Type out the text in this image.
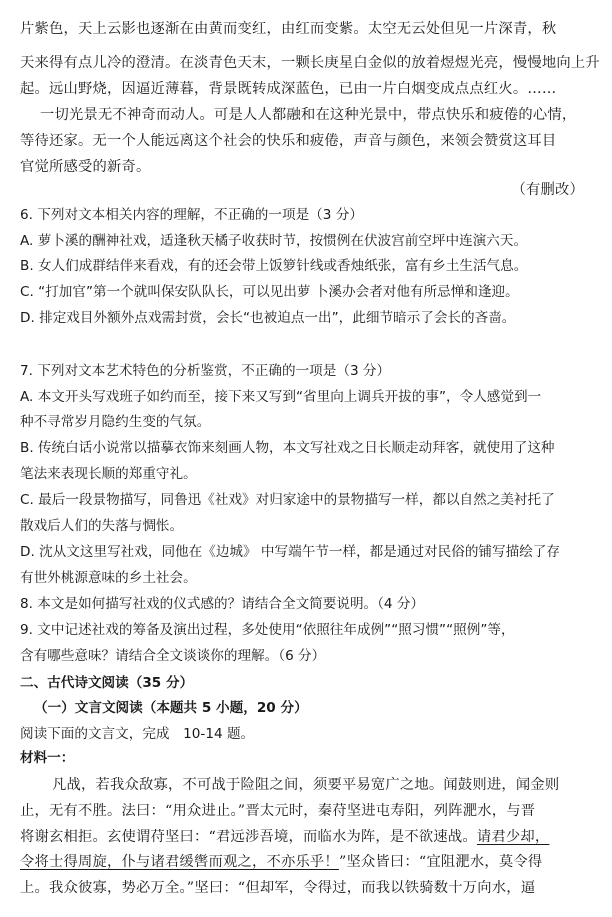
片紫色，天上云影也逐渐在由黄而变红，由红而变紫。太空无云处但见一片深青，秋
天来得有点儿冷的澄清。在淡青色天末，一颗长庚星白金似的放着煜煜光亮，慢慢地向上升
起。远山野烧，因逼近薄暮，背景既转成深蓝色，已由一片白烟变成点点红火。……
一切光景无不神奇而动人。可是人人都融和在这种光景中，带点快乐和疲倦的心情，
等待还家。无一个人能远离这个社会的快乐和疲倦，声音与颜色，来领会赞赏这耳目
官觉所感受的新奇。
（有删改）
6. 下列对文本相关内容的理解，不正确的一项是（3 分）
A. 萝卜溪的酬神社戏，适逢秋天橘子收获时节，按惯例在伏波宫前空坪中连演六天。
B. 女人们成群结伴来看戏，有的还会带上饭箩针线或香烛纸张，富有乡土生活气息。
C. “打加官”第一个就叫保安队队长，可以见出萝 卜溪办会者对他有所忌惮和逢迎。
D. 排定戏目外额外点戏需封赏，会长“也被迫点一出”，此细节暗示了会长的吝啬。
7. 下列对文本艺术特色的分析鉴赏，不正确的一项是（3 分）
A. 本文开头写戏班子如约而至，接下来又写到“省里向上调兵开拔的事”，令人感觉到一
种不寻常岁月隐约生变的气氛。
B. 传统白话小说常以描摹衣饰来刻画人物，本文写社戏之日长顺走动拜客，就使用了这种
笔法来表现长顺的郑重守礼。
C. 最后一段景物描写，同鲁迅《社戏》对归家途中的景物描写一样，都以自然之美衬托了
散戏后人们的失落与惆怅。
D. 沈从文这里写社戏，同他在《边城》 中写端午节一样，都是通过对民俗的铺写描绘了存
有世外桃源意味的乡土社会。
8. 本文是如何描写社戏的仪式感的？请结合全文简要说明。（4 分）
9. 文中记述社戏的筹备及演出过程，多处使用“依照往年成例”“照习惯”“照例”等，
含有哪些意味？请结合全文谈谈你的理解。（6 分）
二、古代诗文阅读（35 分）
（一）文言文阅读（本题共 5 小题，20 分）
阅读下面的文言文，完成　10-14 题。
材料一：
凡战，若我众敌寡，不可战于险阻之间，须要平易宽广之地。闻鼓则进，闻金则
止，无有不胜。法曰：“用众进止。”晋太元时，秦苻坚进屯寿阳，列阵淝水，与晋
将谢玄相拒。玄使谓苻坚曰：“君远涉吾境，而临水为阵，是不欲速战。请君少却，
令将士得周旋，仆与诸君缓辔而观之，不亦乐乎！”坚众皆曰：“宜阻淝水，莫令得
上。我众彼寡，势必万全。”坚曰：“但却军，令得过，而我以铁骑数十万向水，逼
